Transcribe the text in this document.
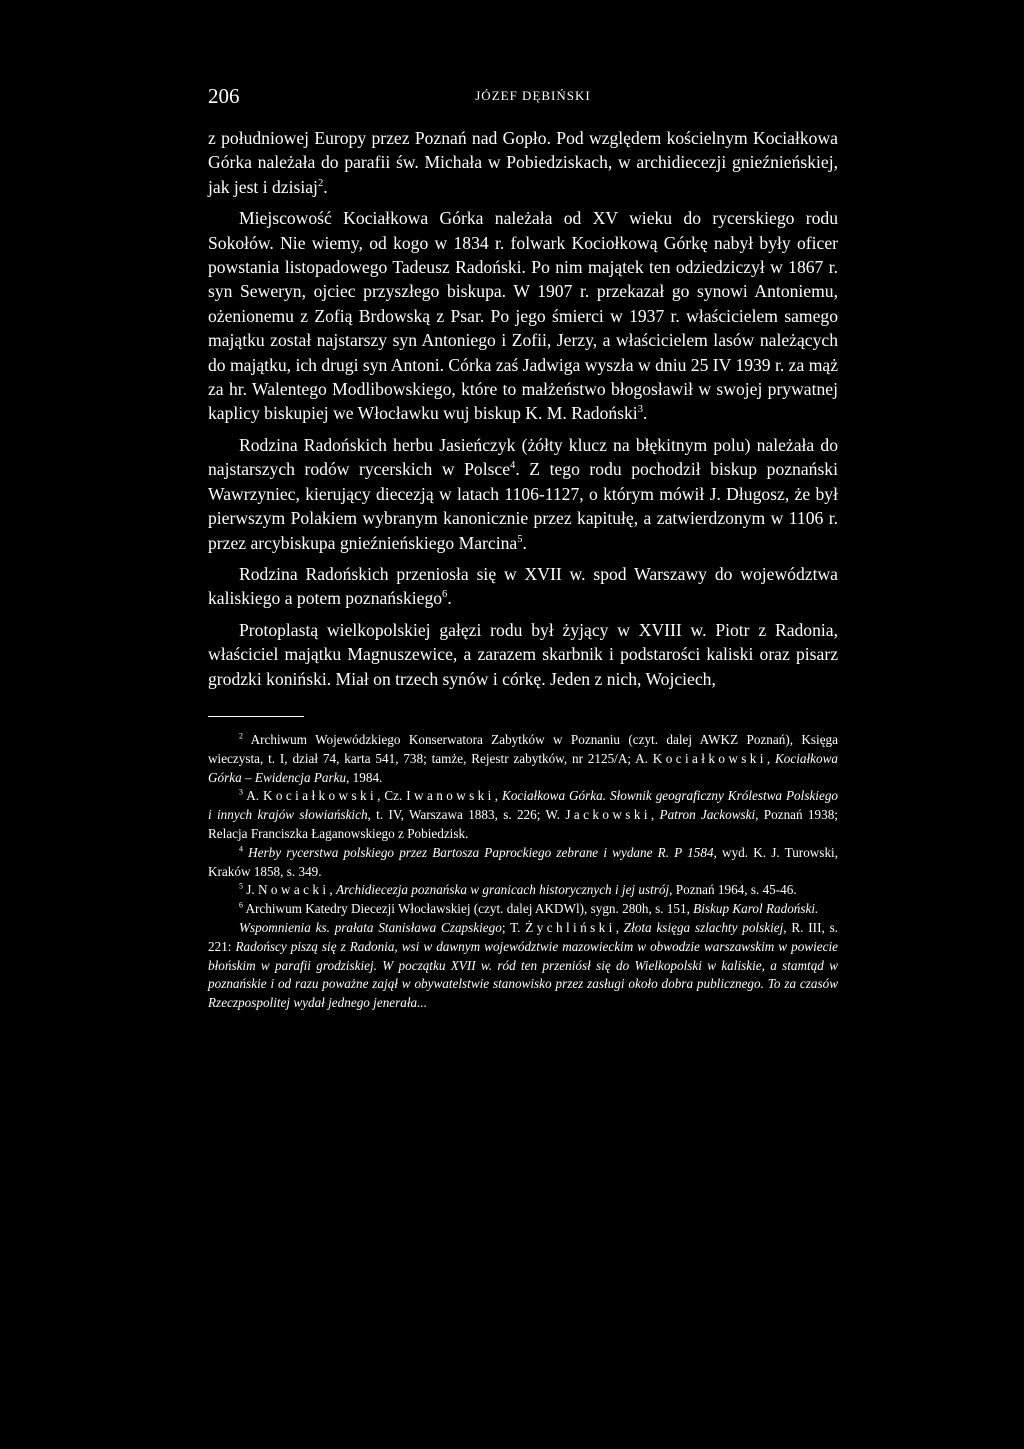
206	JÓZEF DĘBIŃSKI

z południowej Europy przez Poznań nad Gopło. Pod względem kościelnym Kociałkowa Górka należała do parafii św. Michała w Pobiedziskach, w archidiecezji gnieźnieńskiej, jak jest i dzisiaj$^2$.

Miejscowość Kociałkowa Górka należała od XV wieku do rycerskiego rodu Sokołów. Nie wiemy, od kogo w 1834 r. folwark Kociołkową Górkę nabył były oficer powstania listopadowego Tadeusz Radoński. Po nim majątek ten odziedziczył w 1867 r. syn Seweryn, ojciec przyszłego biskupa. W 1907 r. przekazał go synowi Antoniemu, ożenionemu z Zofią Brdowską z Psar. Po jego śmierci w 1937 r. właścicielem samego majątku został najstarszy syn Antoniego i Zofii, Jerzy, a właścicielem lasów należących do majątku, ich drugi syn Antoni. Córka zaś Jadwiga wyszła w dniu 25 IV 1939 r. za mąż za hr. Walentego Modlibowskiego, które to małżeństwo błogosławił w swojej prywatnej kaplicy biskupiej we Włocławku wuj biskup K. M. Radoński$^3$.

Rodzina Radońskich herbu Jasieńczyk (żółty klucz na błękitnym polu) należała do najstarszych rodów rycerskich w Polsce$^4$. Z tego rodu pochodził biskup poznański Wawrzyniec, kierujący diecezją w latach 1106-1127, o którym mówił J. Długosz, że był pierwszym Polakiem wybranym kanonicznie przez kapitułę, a zatwierdzonym w 1106 r. przez arcybiskupa gnieźnieńskiego Marcina$^5$.

Rodzina Radońskich przeniosła się w XVII w. spod Warszawy do województwa kaliskiego a potem poznańskiego$^6$.

Protoplastą wielkopolskiej gałęzi rodu był żyjący w XVIII w. Piotr z Radonia, właściciel majątku Magnuszewice, a zarazem skarbnik i podstarości kaliski oraz pisarz grodzki koniński. Miał on trzech synów i córkę. Jeden z nich, Wojciech,

$^2$ Archiwum Wojewódzkiego Konserwatora Zabytków w Poznaniu (czyt. dalej AWKZ Poznań), Księga wieczysta, t. I, dział 74, karta 541, 738; tamże, Rejestr zabytków, nr 2125/A; A. Kociałkowski, Kociałkowa Górka – Ewidencja Parku, 1984.

$^3$ A. Kociałkowski, Cz. Iwanowski, Kociałkowa Górka. Słownik geograficzny Królestwa Polskiego i innych krajów słowiańskich, t. IV, Warszawa 1883, s. 226; W. Jackowski, Patron Jackowski, Poznań 1938; Relacja Franciszka Łaganowskiego z Pobiedzisk.

$^4$ Herby rycerstwa polskiego przez Bartosza Paprockiego zebrane i wydane R. P 1584, wyd. K. J. Turowski, Kraków 1858, s. 349.

$^5$ J. Nowacki, Archidiecezja poznańska w granicach historycznych i jej ustrój, Poznań 1964, s. 45-46.

$^6$ Archiwum Katedry Diecezji Włocławskiej (czyt. dalej AKDWl), sygn. 280h, s. 151, Biskup Karol Radoński.

Wspomnienia ks. prałata Stanisława Czapskiego; T. Żychliński, Złota księga szlachty polskiej, R. III, s. 221: Radońscy piszą się z Radonia, wsi w dawnym województwie mazowieckim w obwodzie warszawskim w powiecie błońskim w parafii grodziskiej. W początku XVII w. ród ten przeniósł się do Wielkopolski w kaliskie, a stamtąd w poznańskie i od razu poważne zajął w obywatelstwie stanowisko przez zasługi około dobra publicznego. To za czasów Rzeczpospolitej wydał jednego jenerała...
